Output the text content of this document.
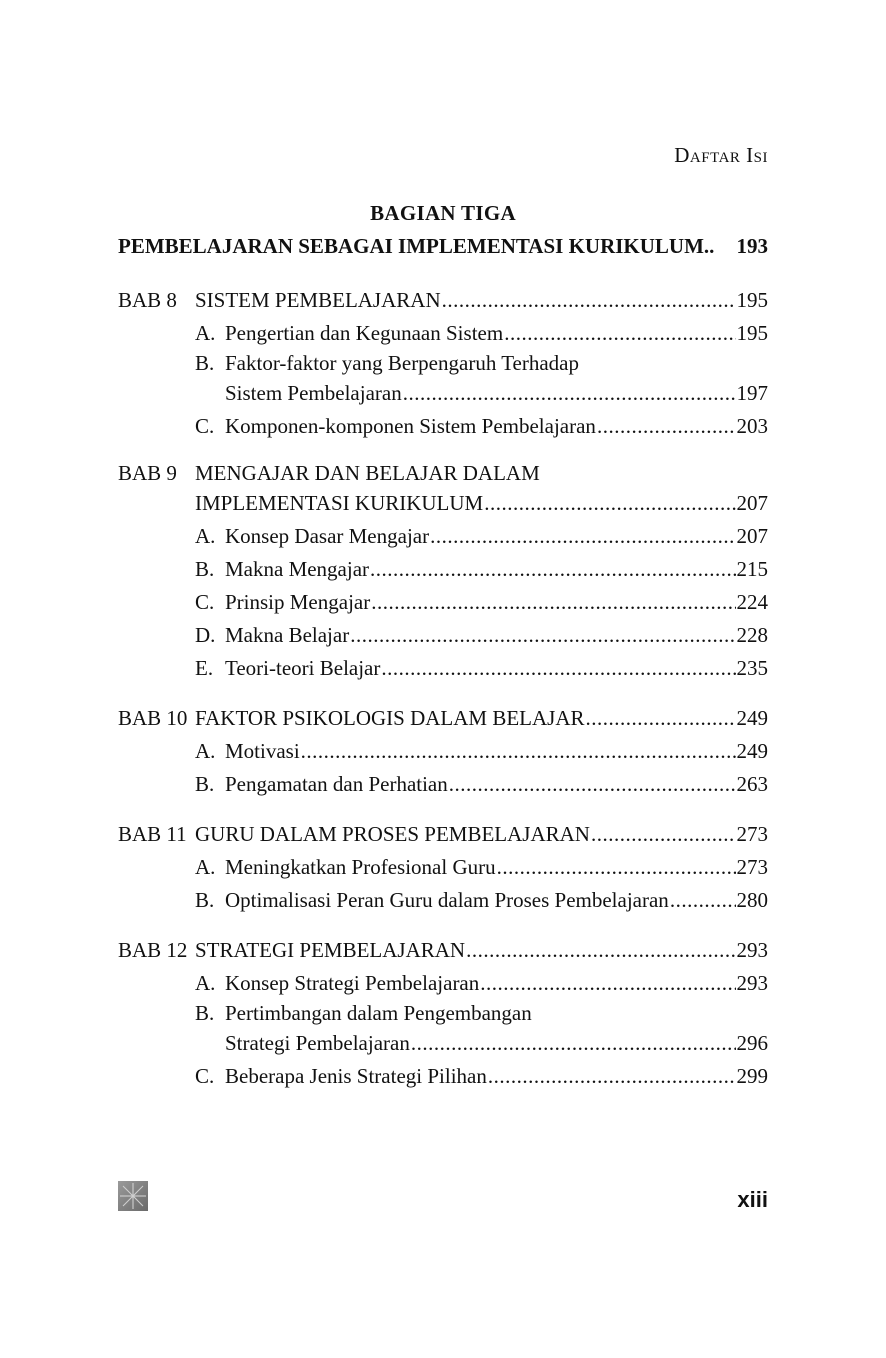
Daftar Isi
BAGIAN TIGA
PEMBELAJARAN SEBAGAI IMPLEMENTASI KURIKULUM.. 193
BAB 8 SISTEM PEMBELAJARAN .....	195
A. Pengertian dan Kegunaan Sistem .....	195
B. Faktor-faktor yang Berpengaruh Terhadap
Sistem Pembelajaran .....	197
C. Komponen-komponen Sistem Pembelajaran .....	203
BAB 9 MENGAJAR DAN BELAJAR DALAM
IMPLEMENTASI KURIKULUM .....	207
A. Konsep Dasar Mengajar .....	207
B. Makna Mengajar .....	215
C. Prinsip Mengajar .....	224
D. Makna Belajar .....	228
E. Teori-teori Belajar .....	235
BAB 10 FAKTOR PSIKOLOGIS DALAM BELAJAR .....	249
A. Motivasi .....	249
B. Pengamatan dan Perhatian .....	263
BAB 11 GURU DALAM PROSES PEMBELAJARAN .....	273
A. Meningkatkan Profesional Guru .....	273
B. Optimalisasi Peran Guru dalam Proses Pembelajaran .....	280
BAB 12 STRATEGI PEMBELAJARAN .....	293
A. Konsep Strategi Pembelajaran .....	293
B. Pertimbangan dalam Pengembangan
Strategi Pembelajaran .....	296
C. Beberapa Jenis Strategi Pilihan .....	299
xiii
